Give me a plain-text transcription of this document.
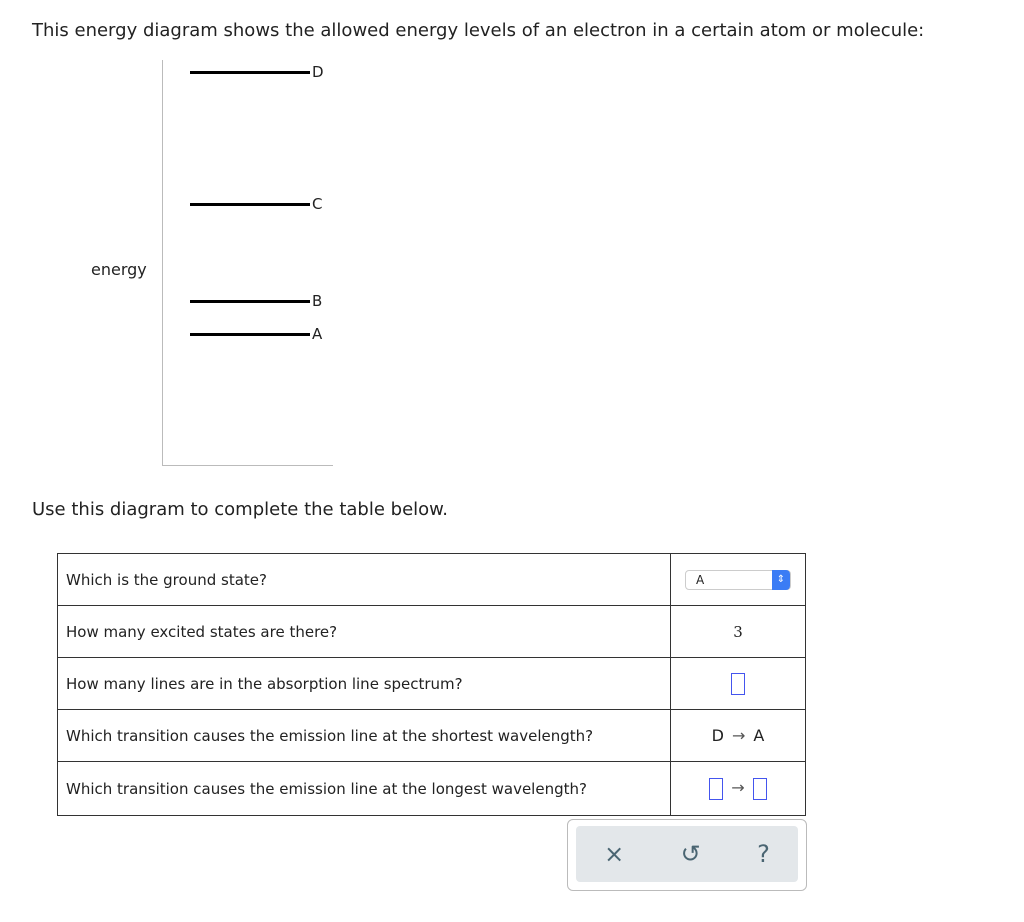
This energy diagram shows the allowed energy levels of an electron in a certain atom or molecule:
energy
D
C
B
A
Use this diagram to complete the table below.
Which is the ground state?	A ⇕

How many excited states are there?	3
How many lines are in the absorption line spectrum?	
Which transition causes the emission line at the shortest wavelength?	D → A
Which transition causes the emission line at the longest wavelength?	→
× ↺ ?
